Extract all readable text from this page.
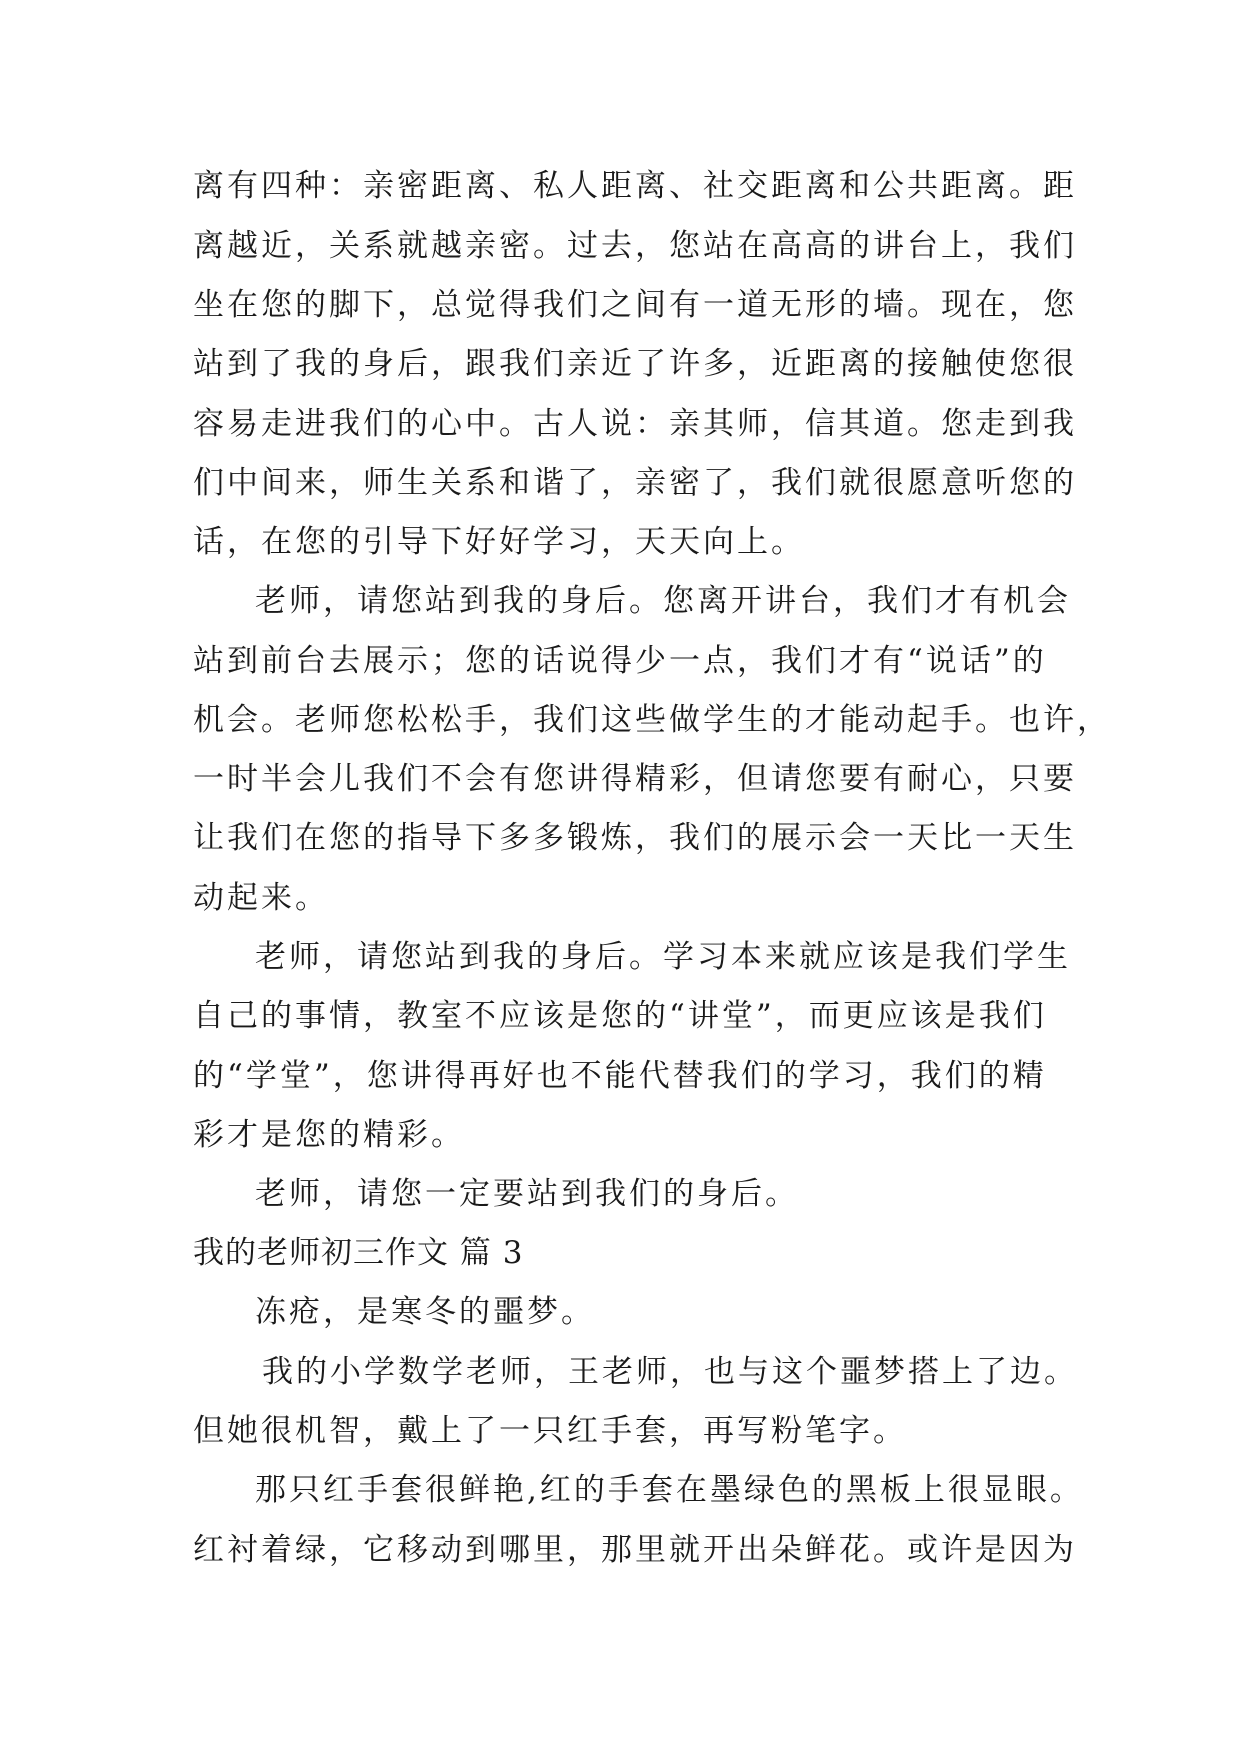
离有四种：亲密距离、私人距离、社交距离和公共距离。距
离越近，关系就越亲密。过去，您站在高高的讲台上，我们
坐在您的脚下，总觉得我们之间有一道无形的墙。现在，您
站到了我的身后，跟我们亲近了许多，近距离的接触使您很
容易走进我们的心中。古人说：亲其师，信其道。您走到我
们中间来，师生关系和谐了，亲密了，我们就很愿意听您的
话，在您的引导下好好学习，天天向上。
老师，请您站到我的身后。您离开讲台，我们才有机会
站到前台去展示；您的话说得少一点，我们才有“说话”的
机会。老师您松松手，我们这些做学生的才能动起手。也许，
一时半会儿我们不会有您讲得精彩，但请您要有耐心，只要
让我们在您的指导下多多锻炼，我们的展示会一天比一天生
动起来。
老师，请您站到我的身后。学习本来就应该是我们学生
自己的事情，教室不应该是您的“讲堂”，而更应该是我们
的“学堂”，您讲得再好也不能代替我们的学习，我们的精
彩才是您的精彩。
老师，请您一定要站到我们的身后。
我的老师初三作文 篇 3
冻疮，是寒冬的噩梦。
我的小学数学老师，王老师，也与这个噩梦搭上了边。
但她很机智，戴上了一只红手套，再写粉笔字。
那只红手套很鲜艳,红的手套在墨绿色的黑板上很显眼。
红衬着绿，它移动到哪里，那里就开出朵鲜花。或许是因为
